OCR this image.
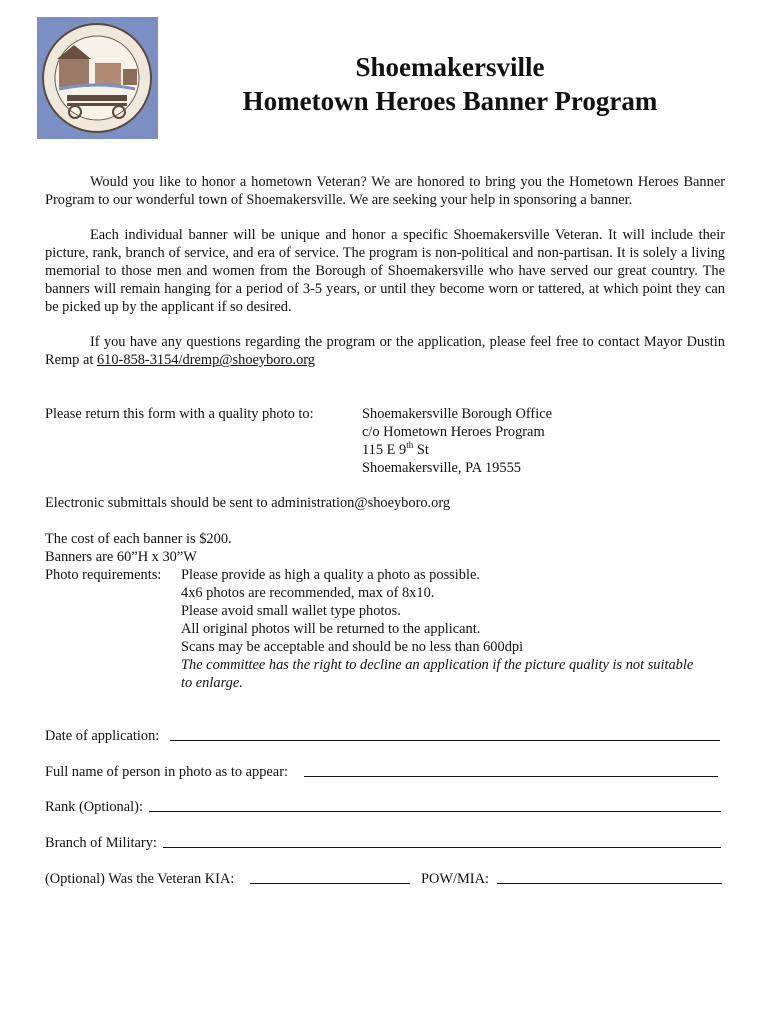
Shoemakersville
Hometown Heroes Banner Program
Would you like to honor a hometown Veteran? We are honored to bring you the Hometown Heroes Banner Program to our wonderful town of Shoemakersville. We are seeking your help in sponsoring a banner.
Each individual banner will be unique and honor a specific Shoemakersville Veteran. It will include their picture, rank, branch of service, and era of service. The program is non-political and non-partisan. It is solely a living memorial to those men and women from the Borough of Shoemakersville who have served our great country. The banners will remain hanging for a period of 3-5 years, or until they become worn or tattered, at which point they can be picked up by the applicant if so desired.
If you have any questions regarding the program or the application, please feel free to contact Mayor Dustin Remp at 610-858-3154/dremp@shoeyboro.org
Please return this form with a quality photo to:	Shoemakersville Borough Office
c/o Hometown Heroes Program
115 E 9th St
Shoemakersville, PA 19555
Electronic submittals should be sent to administration@shoeyboro.org
The cost of each banner is $200.
Banners are 60”H x 30”W
Photo requirements: Please provide as high a quality a photo as possible.
4x6 photos are recommended, max of 8x10.
Please avoid small wallet type photos.
All original photos will be returned to the applicant.
Scans may be acceptable and should be no less than 600dpi
The committee has the right to decline an application if the picture quality is not suitable
to enlarge.
Date of application:
Full name of person in photo as to appear:
Rank (Optional):
Branch of Military:
(Optional) Was the Veteran KIA:	POW/MIA:
